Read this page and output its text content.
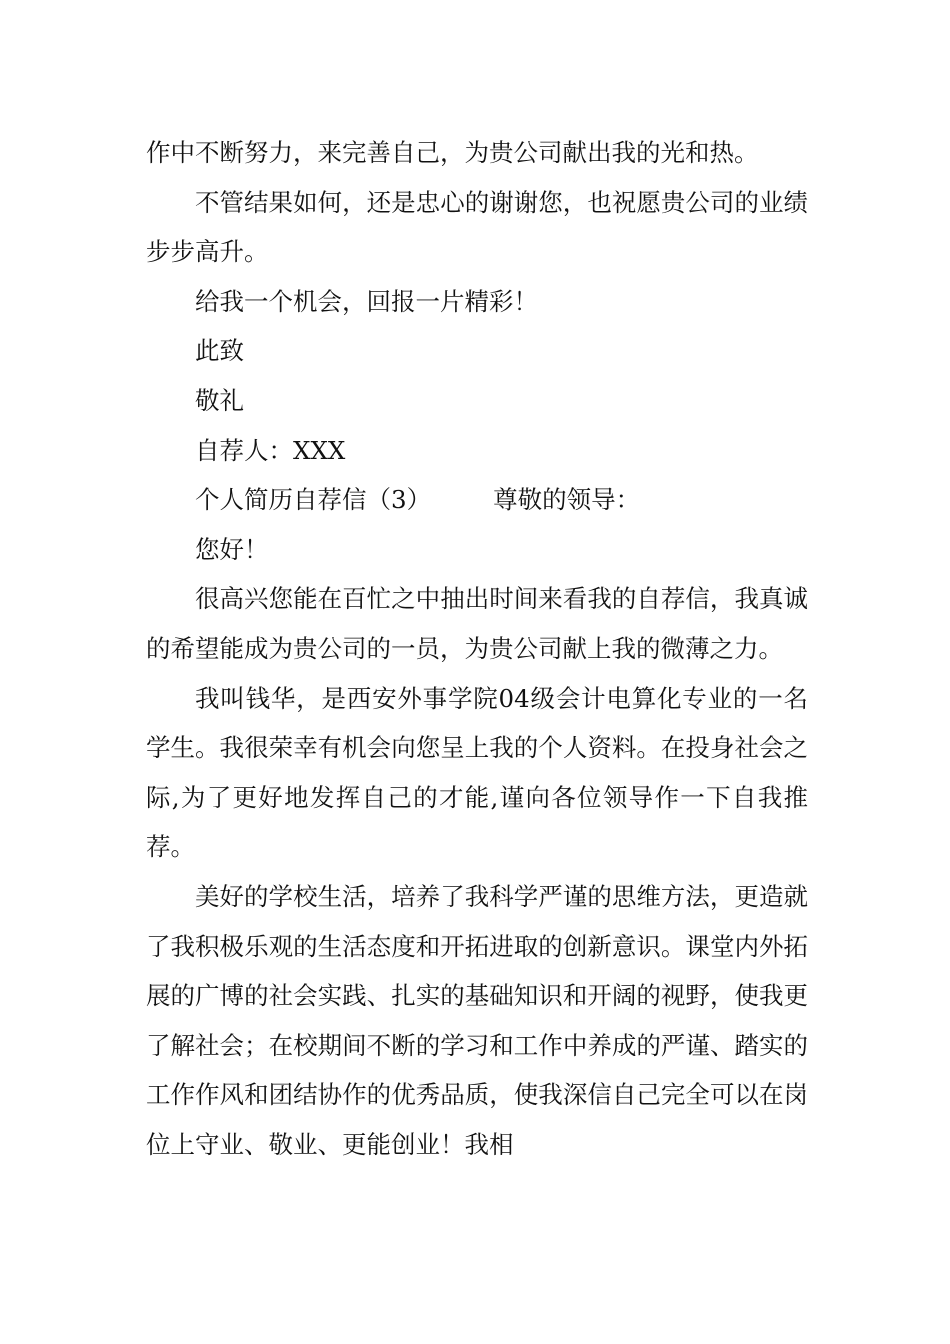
作中不断努力，来完善自己，为贵公司献出我的光和热。

不管结果如何，还是忠心的谢谢您，也祝愿贵公司的业绩步步高升。

给我一个机会，回报一片精彩！

此致

敬礼

自荐人：XXX

个人简历自荐信（3）	尊敬的领导：

您好！

很高兴您能在百忙之中抽出时间来看我的自荐信，我真诚的希望能成为贵公司的一员，为贵公司献上我的微薄之力。

我叫钱华，是西安外事学院04级会计电算化专业的一名学生。我很荣幸有机会向您呈上我的个人资料。在投身社会之际,为了更好地发挥自己的才能,谨向各位领导作一下自我推荐。

美好的学校生活，培养了我科学严谨的思维方法，更造就了我积极乐观的生活态度和开拓进取的创新意识。课堂内外拓展的广博的社会实践、扎实的基础知识和开阔的视野，使我更了解社会；在校期间不断的学习和工作中养成的严谨、踏实的工作作风和团结协作的优秀品质，使我深信自己完全可以在岗位上守业、敬业、更能创业！我相
